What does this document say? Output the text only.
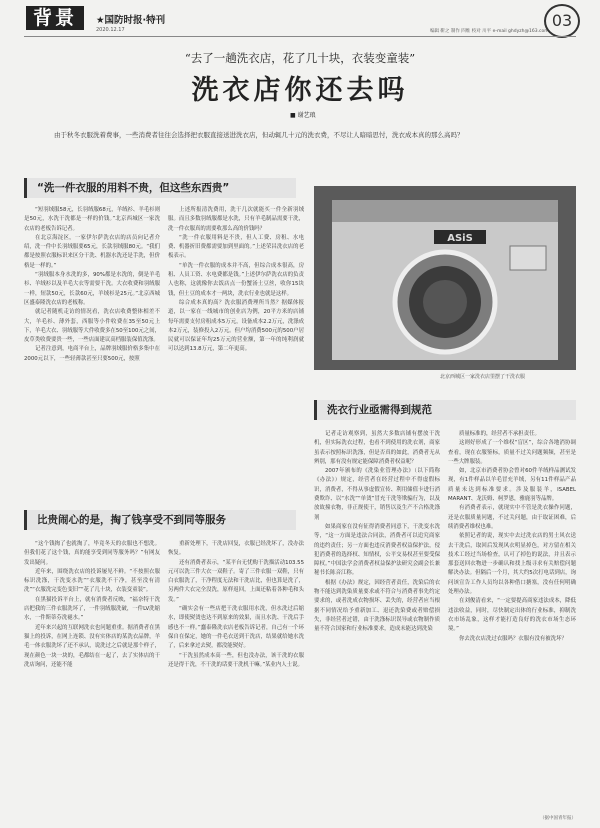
背景	★国防时报·特刊
2020.12.17	编辑 靳之 制作 四维 校对 川平 e-mail ghdyzh@163.com
03
“去了一趟洗衣店，花了几十块，衣装变童装”
洗衣店你还去吗
■ 谢艺琅
由于秋冬衣服洗着费事，一些消费者往往会选择把衣服直接送进洗衣店，但动辄几十元的洗衣费，不尽让人暗暗思忖，洗衣成本真的那么高吗？
“洗一件衣服的用料不贵，但这些东西贵”

“短羽绒服58元，长羽绒服68元，羊绒衫、羊毛衫则是50元，水洗干洗都是一样的价钱。”北京西城区一家洗衣店的老板告诉记者。

在北京海淀区，一家伊尔萨洗衣店的店员向记者介绍，洗一件中长羽绒服要65元，长款羽绒服80元。“我们都是按照衣服标识来区分干洗、机器水洗还是手洗，但价格是一样的。”

“羽绒服本身水洗的多，90%都是水洗的，倒是羊毛衫、羊绒衫以及羊毛大衣等需要干洗。大衣收费和羽绒服一样，短款50元，长款60元，羊绒衫是25元。”北京西城区盛泰隆洗衣店的老板称。

就记者随机走访的情况看，洗衣店收费整体相差不大，羊毛衫、薄外套，西服等小件收费在35至50元上下，羊毛大衣、羽绒服等大件收费多在50至100元之间，皮草类收费要贵一些，一些店面建议高档服装保值洗涤。

记者注意到，电商平台上，品牌羽绒服价格多集中在2000元以下，一些轻薄款甚至只要500元，按照

上述所报清洗费用，洗干几次就能买一件全新羽绒服。而且多数羽绒服都是水洗，只有羊毛制品需要干洗，洗一件衣服真的需要收那么高的价钱吗？

“洗一件衣服用料是不贵，但人工费、房租、水电费、机器折旧费都需要加到里面的。”上述荣昌洗衣店的老板表示。

“单洗一件衣服的成本并不高，但综合成本很高，房租、人员工资、水电费都是钱。”上述伊尔萨洗衣店的负责人也称，这就像你去饭店点一份蟹汤土豆丝，收你15块钱，但土豆的成本才一两块，洗衣行业也就是这样。

综合成本真的高？洗衣服消费理所当然？据媒体报道，以一家在一线城市的创业店为例，20平方米的店铺每年需要支付房租成本5万元，设备成本2.2万元，洗涤成本2万元，装修投入2万元。但户均消费500元的500户居民就可以保证年均25万元的营业额，第一年的纯利润就可以达到13.8万元，第二年更高。

ASiS
北京西城区一家洗衣店里摆了干洗衣服
比贵闹心的是，掏了钱享受不到同等服务

“这个钱掏了也就掏了，毕竟冬天的衣服也不想洗。但我们花了这个钱，真的能享受到同等服务吗？”有网友发出疑问。

近年来，围绕洗衣店的投诉屡见不鲜。“不按照衣服标识洗涤，干洗变水洗”“衣服洗不干净，甚至没有清洗”“衣服洗完变色变旧”“花了几十块，衣装变童装”。

在黑猫投诉平台上，就有消费者反映，“福奈特干洗店把我的三件衣服洗坏了，一件羽绒服洗破，一件LV洗缩水，一件斯蒂芬洗褪水。”

近年来兴起的互联网洗衣也问题重重。据消费者在黑猫上的投诉，在网上连锁、没有实体店的某洗衣品牌，羊毛一体衣服洗坏了还不承认，说洗过之后就是那个样子，现在颜色一块一块的，毛都结在一起了，去了实体店的干洗店询问，还能不能

重新处理下，干洗店回复，衣服已经洗坏了，没办法恢复。

还有消费者表示，“某平台无忧购干洗描活动103.55元可以洗三件大衣一双鞋子。寄了三件衣服一双鞋，只有白衣服洗了，干净程度无法和干洗店比，但也算是洗了，另两件大衣完全没洗，原样返回，上面还粘着各种毛和头发。”

“确实会有一些店把干洗衣服用水洗，但水洗过后缩水，即使熨烫也达不到原来的效果，而且水洗、干洗后手感也不一样。”蠢泰隆洗衣店老板告诉记者，自己有一个环保自在保定，她的一件毛衣送到干洗店，结果就给她水洗了，后来拿过去熨，都没能熨好。

“干洗虽然成本高一些，但也没办法，该干洗的衣服还是得干洗，不干洗的话要干洗机干嘛。”某业内人士说。

洗衣行业亟需得到规范

记者走访观察到，虽然大多数店铺有摆放干洗机，但实际洗衣过程，也看不到使用的洗衣剂，商家虽表示按照标识洗涤，但是否真的如此，消费者无从辨别，那有没有规定能保障消费者权益呢？

2007年颁布的《洗染业管理办法》（以下简称《办法》）规定，经营者在经营过程中不得虚假标识，消费者，不得从事虚假宣传、利用储值卡进行消费欺诈、以“水洗”“单烫”冒充干洗等欺骗行为，以及放故撞衣物，非正规使干，销售以及生产不合格洗涤剂

如果商家在没有征得消费者同意下，干洗变水洗等，“这一方面是违法合同法，消费者可以追究商家的违约责任；另一方面也违反消费者权益保护法，侵犯消费者的选择权、知情权，公平交易权甚至要受保障权。”中国法学会消费者权益保护法研究会副会长兼秘书长陈音江称。

根据《办法》规定，因经营者责任，洗染后的衣物不能达到洗染质量要求或不符合与消费者事先约定要求的，或者洗成衣物损坏、丢失的，经营者应当根据不同情况给予重新加工、退还洗染费或者赔偿损失，非经营者过错，由于洗涤标识误导或衣物制作质量不符合国家和行业标准要求，造成未能达到洗染

质量标准的，经营者不承担责任。

这则好形成了一个维权“盲区”，综合各地消协调查看，现在衣服鉴标，质量不过关问题频频，甚至是一些大牌服装。

如，北京市消费者协会曾对60件羊绒样品测试发现，有1件样品以羊毛冒充羊绒，另有11件样品产品质量未达到标准要求。涉及服装羊，ISABEL MARANT、龙沃姆、柯罗恩，雅鹿羽等品牌。

有消费者表示，就现实中不管是洗衣操作问题，还是衣服质量问题，不过关问题，由于取证困难，后续消费者维权也难。

依照记者的说，现实中去过洗衣店的男士风衣送去干洗后，取回后发现风衣明显掉色，对方留在相关技术工经过当场检查，认可了掉色的说法，并且表示那套送回衣物进一步确认和找上级寻求有关赔偿问题解决办法。但隔后一个月，其大约5次打电话到店，询问该宣告工作人员均以各种借口搪塞，没有任何明确处理办法。

在刘俊清看来，“一定要提高商家违法成本，降低违法收益，同时，尽快制定出体的行业标准，抑制洗衣市场乱象，这样才能打造良好的洗衣市场生态环境。”

你去洗衣店洗过衣服吗？衣服有没有被洗坏？

（据中国青年报）
